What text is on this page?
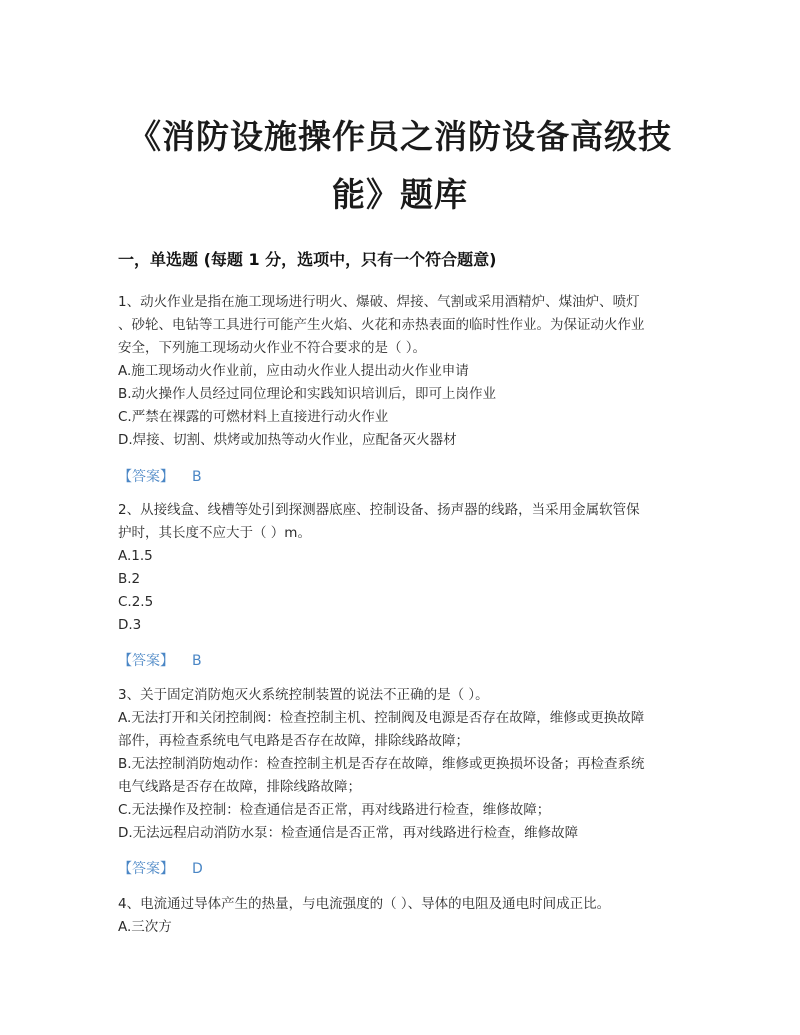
《消防设施操作员之消防设备高级技
能》题库
一，单选题 (每题 1 分，选项中，只有一个符合题意)
1、动火作业是指在施工现场进行明火、爆破、焊接、气割或采用酒精炉、煤油炉、喷灯
、砂轮、电钻等工具进行可能产生火焰、火花和赤热表面的临时性作业。为保证动火作业
安全，下列施工现场动火作业不符合要求的是（ ）。
A.施工现场动火作业前，应由动火作业人提出动火作业申请
B.动火操作人员经过同位理论和实践知识培训后，即可上岗作业
C.严禁在裸露的可燃材料上直接进行动火作业
D.焊接、切割、烘烤或加热等动火作业，应配备灭火器材
【答案】 B
2、从接线盒、线槽等处引到探测器底座、控制设备、扬声器的线路，当采用金属软管保
护时，其长度不应大于（ ）m。
A.1.5
B.2
C.2.5
D.3
【答案】 B
3、关于固定消防炮灭火系统控制装置的说法不正确的是（ ）。
A.无法打开和关闭控制阀：检查控制主机、控制阀及电源是否存在故障，维修或更换故障
部件，再检查系统电气电路是否存在故障，排除线路故障；
B.无法控制消防炮动作：检查控制主机是否存在故障，维修或更换损坏设备；再检查系统
电气线路是否存在故障，排除线路故障；
C.无法操作及控制：检查通信是否正常，再对线路进行检查，维修故障；
D.无法远程启动消防水泵：检查通信是否正常，再对线路进行检查，维修故障
【答案】 D
4、电流通过导体产生的热量，与电流强度的（ ）、导体的电阻及通电时间成正比。
A.三次方
